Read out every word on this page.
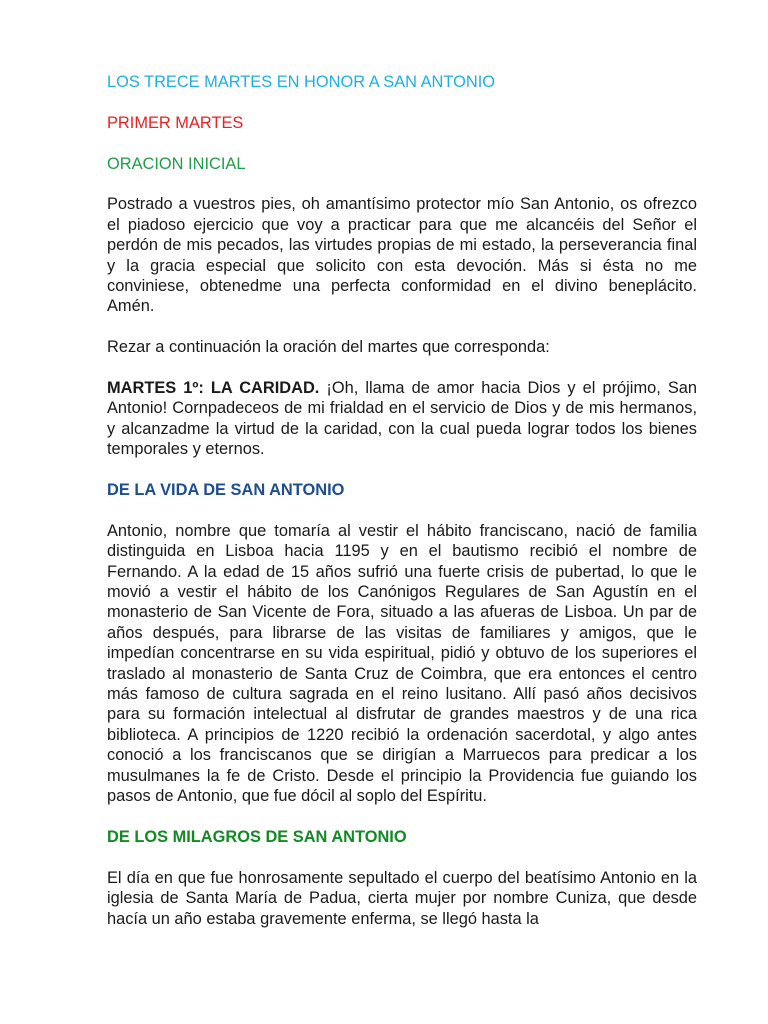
LOS TRECE MARTES EN HONOR A SAN ANTONIO
PRIMER MARTES
ORACION INICIAL

Postrado a vuestros pies, oh amantísimo protector mío San Antonio, os ofrezco el piadoso ejercicio que voy a practicar para que me alcancéis del Señor el perdón de mis pecados, las virtudes propias de mi estado, la perseverancia final y la gracia especial que solicito con esta devoción. Más si ésta no me conviniese, obtenedme una perfecta conformidad en el divino beneplácito. Amén.

Rezar a continuación la oración del martes que corresponda:

MARTES 1º: LA CARIDAD. ¡Oh, llama de amor hacia Dios y el prójimo, San Antonio! Cornpadeceos de mi frialdad en el servicio de Dios y de mis hermanos, y alcanzadme la virtud de la caridad, con la cual pueda lograr todos los bienes temporales y eternos.

DE LA VIDA DE SAN ANTONIO

Antonio, nombre que tomaría al vestir el hábito franciscano, nació de familia distinguida en Lisboa hacia 1195 y en el bautismo recibió el nombre de Fernando. A la edad de 15 años sufrió una fuerte crisis de pubertad, lo que le movió a vestir el hábito de los Canónigos Regulares de San Agustín en el monasterio de San Vicente de Fora, situado a las afueras de Lisboa. Un par de años después, para librarse de las visitas de familiares y amigos, que le impedían concentrarse en su vida espiritual, pidió y obtuvo de los superiores el traslado al monasterio de Santa Cruz de Coimbra, que era entonces el centro más famoso de cultura sagrada en el reino lusitano. Allí pasó años decisivos para su formación intelectual al disfrutar de grandes maestros y de una rica biblioteca. A principios de 1220 recibió la ordenación sacerdotal, y algo antes conoció a los franciscanos que se dirigían a Marruecos para predicar a los musulmanes la fe de Cristo. Desde el principio la Providencia fue guiando los pasos de Antonio, que fue dócil al soplo del Espíritu.

DE LOS MILAGROS DE SAN ANTONIO

El día en que fue honrosamente sepultado el cuerpo del beatísimo Antonio en la iglesia de Santa María de Padua, cierta mujer por nombre Cuniza, que desde hacía un año estaba gravemente enferma, se llegó hasta la
